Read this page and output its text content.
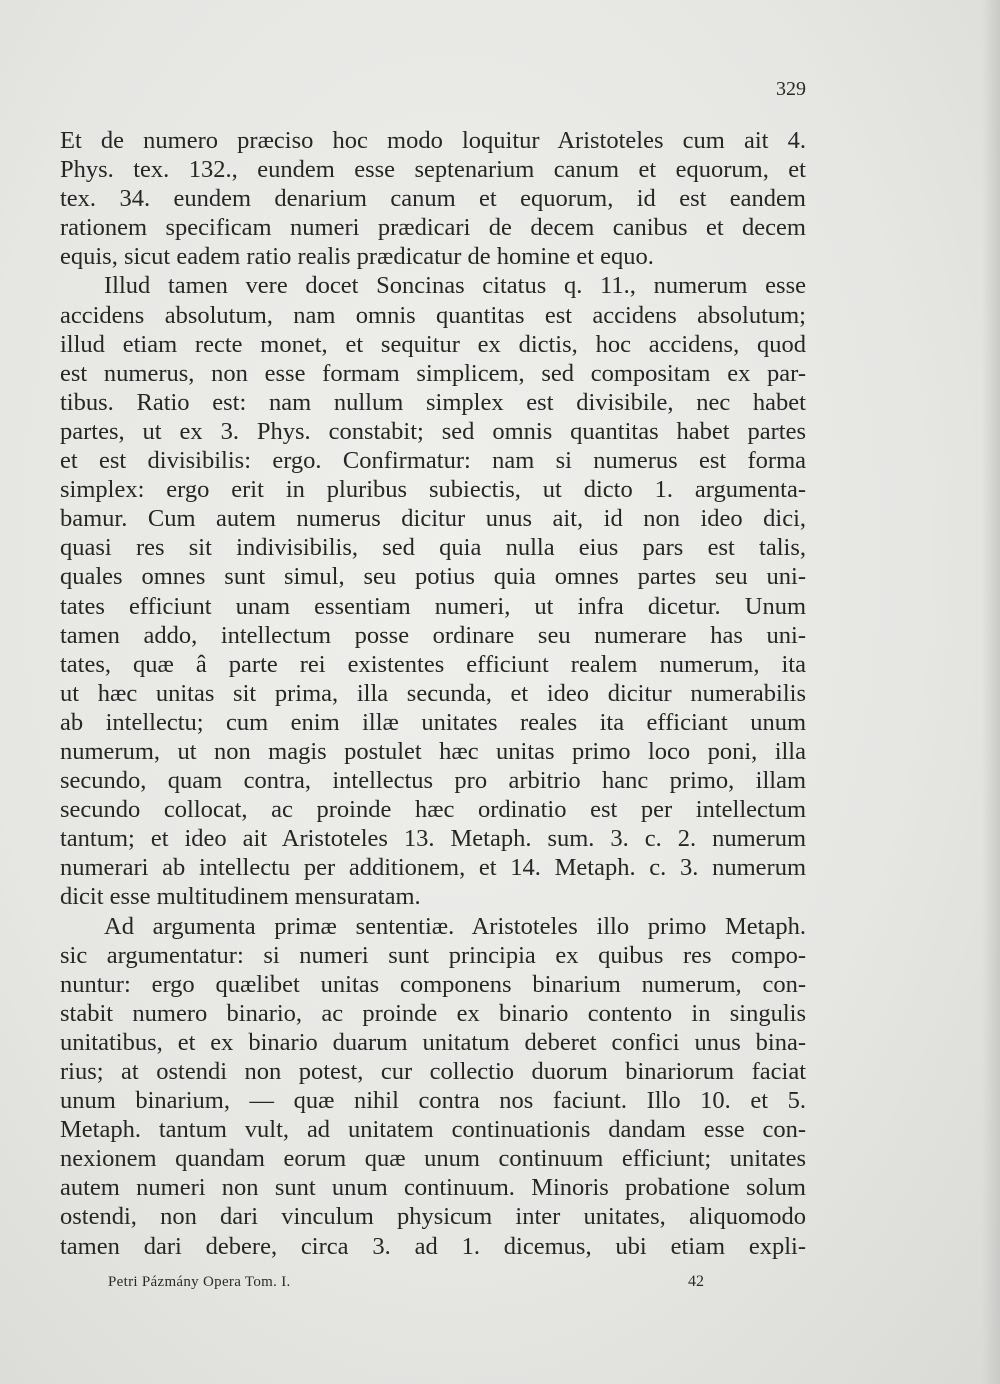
329
Et de numero præciso hoc modo loquitur Aristoteles cum ait 4.
Phys. tex. 132., eundem esse septenarium canum et equorum, et
tex. 34. eundem denarium canum et equorum, id est eandem
rationem specificam numeri prædicari de decem canibus et decem
equis, sicut eadem ratio realis prædicatur de homine et equo.
Illud tamen vere docet Soncinas citatus q. 11., numerum esse
accidens absolutum, nam omnis quantitas est accidens absolutum;
illud etiam recte monet, et sequitur ex dictis, hoc accidens, quod
est numerus, non esse formam simplicem, sed compositam ex par-
tibus. Ratio est: nam nullum simplex est divisibile, nec habet
partes, ut ex 3. Phys. constabit; sed omnis quantitas habet partes
et est divisibilis: ergo. Confirmatur: nam si numerus est forma
simplex: ergo erit in pluribus subiectis, ut dicto 1. argumenta-
bamur. Cum autem numerus dicitur unus ait, id non ideo dici,
quasi res sit indivisibilis, sed quia nulla eius pars est talis,
quales omnes sunt simul, seu potius quia omnes partes seu uni-
tates efficiunt unam essentiam numeri, ut infra dicetur. Unum
tamen addo, intellectum posse ordinare seu numerare has uni-
tates, quæ â parte rei existentes efficiunt realem numerum, ita
ut hæc unitas sit prima, illa secunda, et ideo dicitur numerabilis
ab intellectu; cum enim illæ unitates reales ita efficiant unum
numerum, ut non magis postulet hæc unitas primo loco poni, illa
secundo, quam contra, intellectus pro arbitrio hanc primo, illam
secundo collocat, ac proinde hæc ordinatio est per intellectum
tantum; et ideo ait Aristoteles 13. Metaph. sum. 3. c. 2. numerum
numerari ab intellectu per additionem, et 14. Metaph. c. 3. numerum
dicit esse multitudinem mensuratam.
Ad argumenta primæ sententiæ. Aristoteles illo primo Metaph.
sic argumentatur: si numeri sunt principia ex quibus res compo-
nuntur: ergo quælibet unitas componens binarium numerum, con-
stabit numero binario, ac proinde ex binario contento in singulis
unitatibus, et ex binario duarum unitatum deberet confici unus bina-
rius; at ostendi non potest, cur collectio duorum binariorum faciat
unum binarium, — quæ nihil contra nos faciunt. Illo 10. et 5.
Metaph. tantum vult, ad unitatem continuationis dandam esse con-
nexionem quandam eorum quæ unum continuum efficiunt; unitates
autem numeri non sunt unum continuum. Minoris probatione solum
ostendi, non dari vinculum physicum inter unitates, aliquomodo
tamen dari debere, circa 3. ad 1. dicemus, ubi etiam expli-
Petri Pázmány Opera Tom. I.	42
